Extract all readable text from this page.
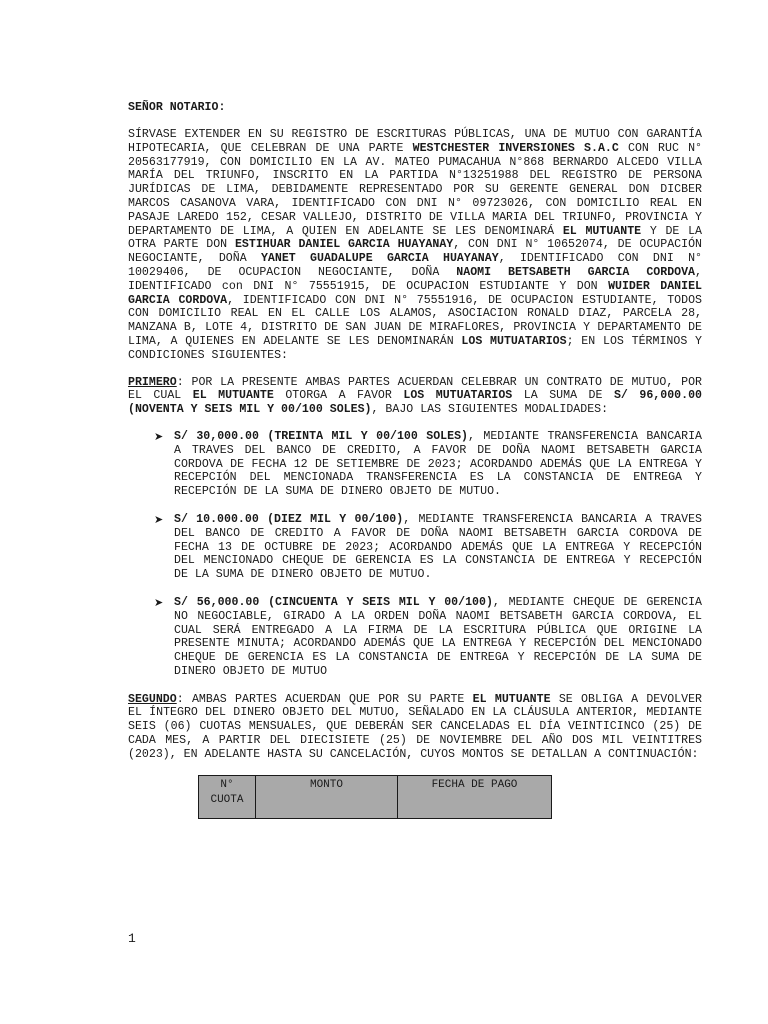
SEÑOR NOTARIO:

SÍRVASE EXTENDER EN SU REGISTRO DE ESCRITURAS PÚBLICAS, UNA DE MUTUO CON GARANTÍA HIPOTECARIA, QUE CELEBRAN DE UNA PARTE WESTCHESTER INVERSIONES S.A.C CON RUC N° 20563177919, CON DOMICILIO EN LA AV. MATEO PUMACAHUA N°868 BERNARDO ALCEDO VILLA MARÍA DEL TRIUNFO, INSCRITO EN LA PARTIDA N°13251988 DEL REGISTRO DE PERSONA JURÍDICAS DE LIMA, DEBIDAMENTE REPRESENTADO POR SU GERENTE GENERAL DON DICBER MARCOS CASANOVA VARA, IDENTIFICADO CON DNI N° 09723026, CON DOMICILIO REAL EN PASAJE LAREDO 152, CESAR VALLEJO, DISTRITO DE VILLA MARIA DEL TRIUNFO, PROVINCIA Y DEPARTAMENTO DE LIMA, A QUIEN EN ADELANTE SE LES DENOMINARÁ EL MUTUANTE Y DE LA OTRA PARTE DON ESTIHUAR DANIEL GARCIA HUAYANAY, CON DNI N° 10652074, DE OCUPACIÓN NEGOCIANTE, DOÑA YANET GUADALUPE GARCIA HUAYANAY, IDENTIFICADO CON DNI N° 10029406, DE OCUPACION NEGOCIANTE, DOÑA NAOMI BETSABETH GARCIA CORDOVA, IDENTIFICADO con DNI N° 75551915, DE OCUPACION ESTUDIANTE Y DON WUIDER DANIEL GARCIA CORDOVA, IDENTIFICADO CON DNI N° 75551916, DE OCUPACION ESTUDIANTE, TODOS CON DOMICILIO REAL EN EL CALLE LOS ALAMOS, ASOCIACION RONALD DIAZ, PARCELA 28, MANZANA B, LOTE 4, DISTRITO DE SAN JUAN DE MIRAFLORES, PROVINCIA Y DEPARTAMENTO DE LIMA, A QUIENES EN ADELANTE SE LES DENOMINARÁN LOS MUTUATARIOS; EN LOS TÉRMINOS Y CONDICIONES SIGUIENTES:

PRIMERO: POR LA PRESENTE AMBAS PARTES ACUERDAN CELEBRAR UN CONTRATO DE MUTUO, POR EL CUAL EL MUTUANTE OTORGA A FAVOR LOS MUTUATARIOS LA SUMA DE S/ 96,000.00 (NOVENTA Y SEIS MIL Y 00/100 SOLES), BAJO LAS SIGUIENTES MODALIDADES:

➤ S/ 30,000.00 (TREINTA MIL Y 00/100 SOLES), MEDIANTE TRANSFERENCIA BANCARIA A TRAVES DEL BANCO DE CREDITO, A FAVOR DE DOÑA NAOMI BETSABETH GARCIA CORDOVA DE FECHA 12 DE SETIEMBRE DE 2023; ACORDANDO ADEMÁS QUE LA ENTREGA Y RECEPCIÓN DEL MENCIONADA TRANSFERENCIA ES LA CONSTANCIA DE ENTREGA Y RECEPCIÓN DE LA SUMA DE DINERO OBJETO DE MUTUO.
➤ S/ 10.000.00 (DIEZ MIL Y 00/100), MEDIANTE TRANSFERENCIA BANCARIA A TRAVES DEL BANCO DE CREDITO A FAVOR DE DOÑA NAOMI BETSABETH GARCIA CORDOVA DE FECHA 13 DE OCTUBRE DE 2023; ACORDANDO ADEMÁS QUE LA ENTREGA Y RECEPCIÓN DEL MENCIONADO CHEQUE DE GERENCIA ES LA CONSTANCIA DE ENTREGA Y RECEPCIÓN DE LA SUMA DE DINERO OBJETO DE MUTUO.
➤ S/ 56,000.00 (CINCUENTA Y SEIS MIL Y 00/100), MEDIANTE CHEQUE DE GERENCIA NO NEGOCIABLE, GIRADO A LA ORDEN DOÑA NAOMI BETSABETH GARCIA CORDOVA, EL CUAL SERÁ ENTREGADO A LA FIRMA DE LA ESCRITURA PÚBLICA QUE ORIGINE LA PRESENTE MINUTA; ACORDANDO ADEMÁS QUE LA ENTREGA Y RECEPCIÓN DEL MENCIONADO CHEQUE DE GERENCIA ES LA CONSTANCIA DE ENTREGA Y RECEPCIÓN DE LA SUMA DE DINERO OBJETO DE MUTUO

SEGUNDO: AMBAS PARTES ACUERDAN QUE POR SU PARTE EL MUTUANTE SE OBLIGA A DEVOLVER EL ÍNTEGRO DEL DINERO OBJETO DEL MUTUO, SEÑALADO EN LA CLÁUSULA ANTERIOR, MEDIANTE SEIS (06) CUOTAS MENSUALES, QUE DEBERÁN SER CANCELADAS EL DÍA VEINTICINCO (25) DE CADA MES, A PARTIR DEL DIECISIETE (25) DE NOVIEMBRE DEL AÑO DOS MIL VEINTITRES (2023), EN ADELANTE HASTA SU CANCELACIÓN, CUYOS MONTOS SE DETALLAN A CONTINUACIÓN:

N° CUOTA	MONTO	FECHA DE PAGO
1
